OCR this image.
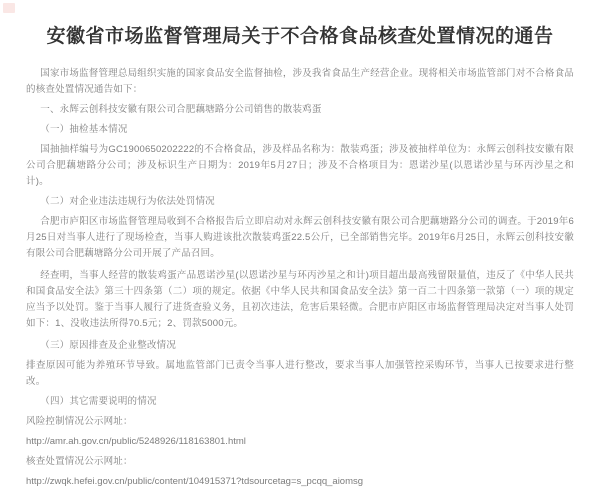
安徽省市场监督管理局关于不合格食品核查处置情况的通告

国家市场监督管理总局组织实施的国家食品安全监督抽检，涉及我省食品生产经营企业。现将相关市场监管部门对不合格食品的核查处置情况通告如下：

一、永辉云创科技安徽有限公司合肥藕塘路分公司销售的散装鸡蛋

（一）抽检基本情况

国抽抽样编号为GC1900650202222的不合格食品，涉及样品名称为：散装鸡蛋；涉及被抽样单位为：永辉云创科技安徽有限公司合肥藕塘路分公司；涉及标识生产日期为：2019年5月27日；涉及不合格项目为：恩诺沙星(以恩诺沙星与环丙沙星之和计)。

（二）对企业违法违规行为依法处罚情况

合肥市庐阳区市场监督管理局收到不合格报告后立即启动对永辉云创科技安徽有限公司合肥藕塘路分公司的调查。于2019年6月25日对当事人进行了现场检查，当事人购进该批次散装鸡蛋22.5公斤，已全部销售完毕。2019年6月25日，永辉云创科技安徽有限公司合肥藕塘路分公司开展了产品召回。

经查明，当事人经营的散装鸡蛋产品恩诺沙星(以恩诺沙星与环丙沙星之和计)项目超出最高残留限量值，违反了《中华人民共和国食品安全法》第三十四条第（二）项的规定。依据《中华人民共和国食品安全法》第一百二十四条第一款第（一）项的规定应当予以处罚。鉴于当事人履行了进货查验义务，且初次违法，危害后果轻微。合肥市庐阳区市场监督管理局决定对当事人处罚如下：1、没收违法所得70.5元；2、罚款5000元。

（三）原因排查及企业整改情况

排查原因可能为养殖环节导致。属地监管部门已责令当事人进行整改，要求当事人加强管控采购环节，当事人已按要求进行整改。

（四）其它需要说明的情况

风险控制情况公示网址：

http://amr.ah.gov.cn/public/5248926/118163801.html

核查处置情况公示网址：

http://zwqk.hefei.gov.cn/public/content/104915371?tdsourcetag=s_pcqq_aiomsg
